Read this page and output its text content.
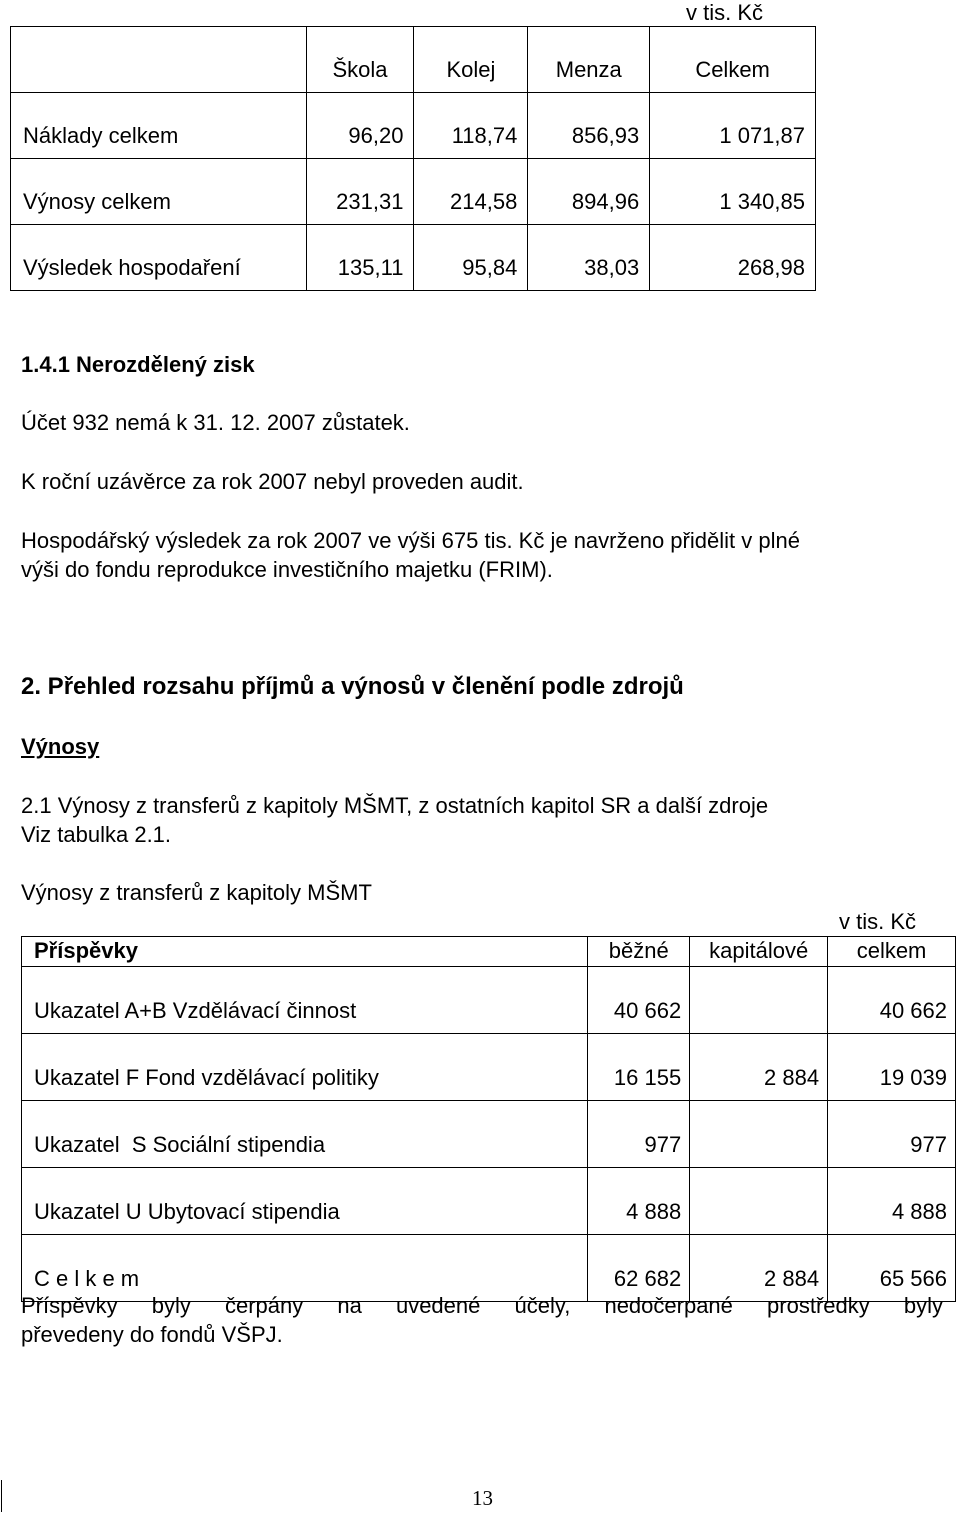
v tis. Kč
	Škola	Kolej	Menza	Celkem
Náklady celkem	96,20	118,74	856,93	1 071,87
Výnosy celkem	231,31	214,58	894,96	1 340,85
Výsledek hospodaření	135,11	95,84	38,03	268,98
1.4.1 Nerozdělený zisk
Účet 932 nemá k 31. 12. 2007 zůstatek.
K roční uzávěrce za rok 2007 nebyl proveden audit.
Hospodářský výsledek za rok 2007 ve výši 675 tis. Kč je navrženo přidělit v plné
výši do fondu reprodukce investičního majetku (FRIM).
2. Přehled rozsahu příjmů a výnosů v členění podle zdrojů
Výnosy
2.1 Výnosy z transferů z kapitoly MŠMT, z ostatních kapitol SR a další zdroje
Viz tabulka 2.1.
Výnosy z transferů z kapitoly MŠMT
v tis. Kč
Příspěvky	běžné	kapitálové	celkem
Ukazatel A+B Vzdělávací činnost	40 662		40 662
Ukazatel F Fond vzdělávací politiky	16 155	2 884	19 039
Ukazatel  S Sociální stipendia	977		977
Ukazatel U Ubytovací stipendia	4 888		4 888
C e l k e m	62 682	2 884	65 566
Příspěvky byly čerpány na uvedené účely, nedočerpané prostředky byly
převedeny do fondů VŠPJ.
13
